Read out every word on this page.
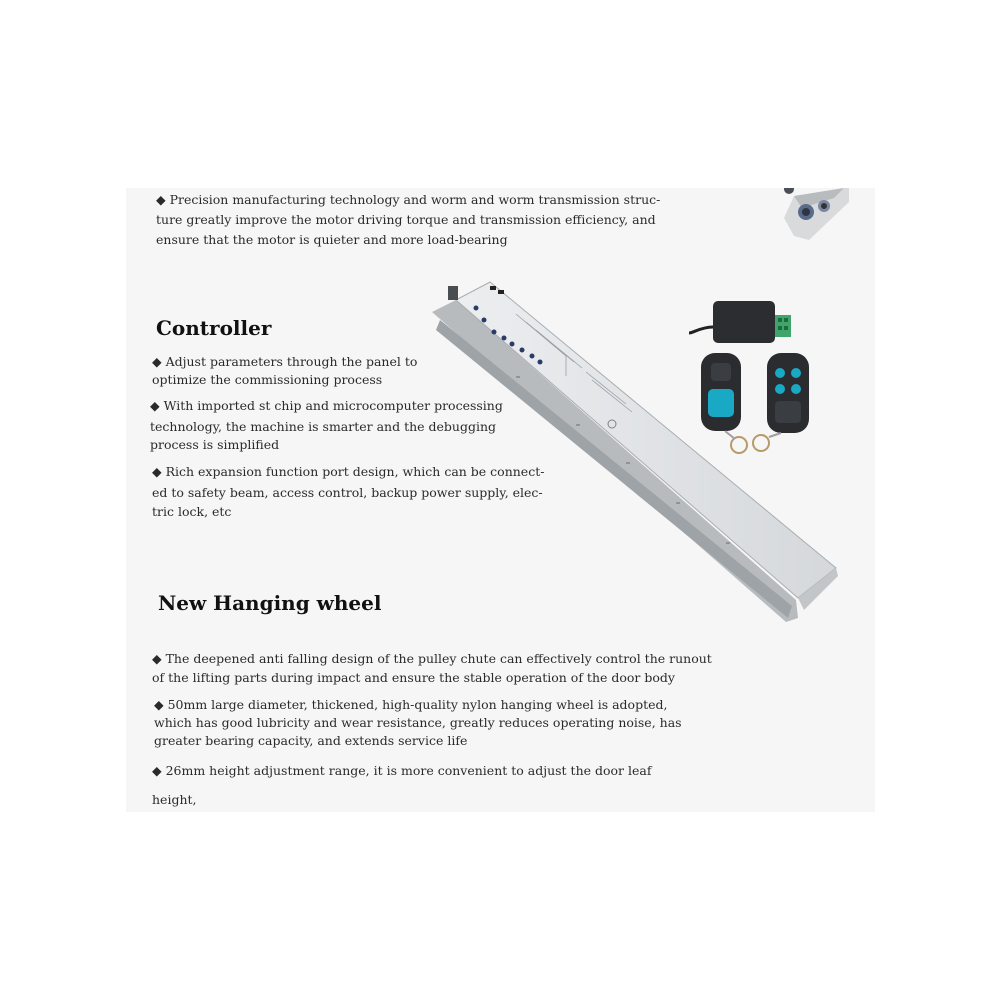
◆ Precision manufacturing technology and worm and worm transmission struc-
ture greatly improve the motor driving torque and transmission efficiency, and
ensure that the motor is quieter and more load-bearing
Controller
◆ Adjust parameters through the panel to
optimize the commissioning process
◆ With imported st chip and microcomputer processing
technology, the machine is smarter and the debugging
process is simplified
◆ Rich expansion function port design, which can be connect-
ed to safety beam, access control, backup power supply, elec-
tric lock, etc
New Hanging wheel
◆ The deepened anti falling design of the pulley chute can effectively control the runout
of the lifting parts during impact and ensure the stable operation of the door body
◆ 50mm large diameter, thickened, high-quality nylon hanging wheel is adopted,
which has good lubricity and wear resistance, greatly reduces operating noise, has
greater bearing capacity, and extends service life
◆ 26mm height adjustment range, it is more convenient to adjust the door leaf
height,
